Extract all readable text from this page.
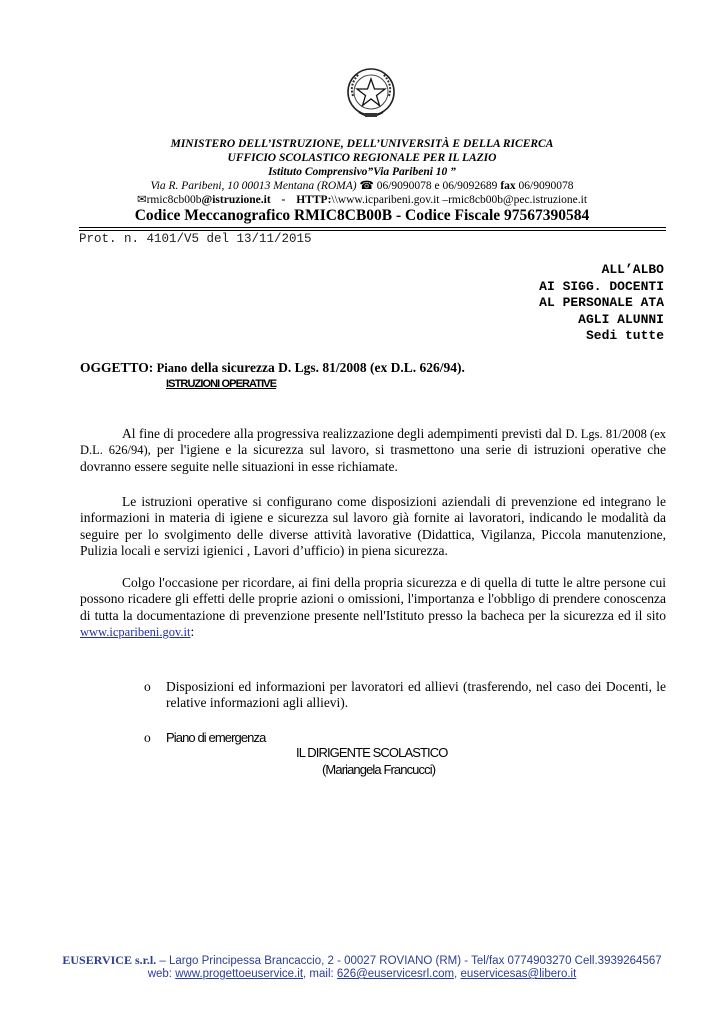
MINISTERO DELL’ISTRUZIONE, DELL’UNIVERSITÀ E DELLA RICERCA
UFFICIO SCOLASTICO REGIONALE PER IL LAZIO
Istituto Comprensivo”Via Paribeni 10 ”
Via R. Paribeni, 10 00013 Mentana (ROMA) ☎ 06/9090078 e 06/9092689 fax 06/9090078
✉rmic8cb00b@istruzione.it - HTTP:\\www.icparibeni.gov.it –rmic8cb00b@pec.istruzione.it
Codice Meccanografico RMIC8CB00B - Codice Fiscale 97567390584
Prot. n. 4101/V5 del 13/11/2015
ALL’ALBO
AI SIGG. DOCENTI
AL PERSONALE ATA
AGLI ALUNNI
Sedi tutte
OGGETTO: Piano della sicurezza D. Lgs. 81/2008 (ex D.L. 626/94).
ISTRUZIONI OPERATIVE
Al fine di procedere alla progressiva realizzazione degli adempimenti previsti dal D. Lgs. 81/2008 (ex D.L. 626/94), per l'igiene e la sicurezza sul lavoro, si trasmettono una serie di istruzioni operative che dovranno essere seguite nelle situazioni in esse richiamate.
Le istruzioni operative si configurano come disposizioni aziendali di prevenzione ed integrano le informazioni in materia di igiene e sicurezza sul lavoro già fornite ai lavoratori, indicando le modalità da seguire per lo svolgimento delle diverse attività lavorative (Didattica, Vigilanza, Piccola manutenzione, Pulizia locali e servizi igienici , Lavori d’ufficio) in piena sicurezza.
Colgo l'occasione per ricordare, ai fini della propria sicurezza e di quella di tutte le altre persone cui possono ricadere gli effetti delle proprie azioni o omissioni, l'importanza e l'obbligo di prendere conoscenza di tutta la documentazione di prevenzione presente nell'Istituto presso la bacheca per la sicurezza ed il sito www.icparibeni.gov.it:
o Disposizioni ed informazioni per lavoratori ed allievi (trasferendo, nel caso dei Docenti, le relative informazioni agli allievi).
o Piano di emergenza
IL DIRIGENTE SCOLASTICO
(Mariangela Francucci)
EUSERVICE s.r.l. – Largo Principessa Brancaccio, 2 - 00027 ROVIANO (RM) - Tel/fax 0774903270 Cell.3939264567
web: www.progettoeuservice.it, mail: 626@euservicesrl.com, euservicesas@libero.it
